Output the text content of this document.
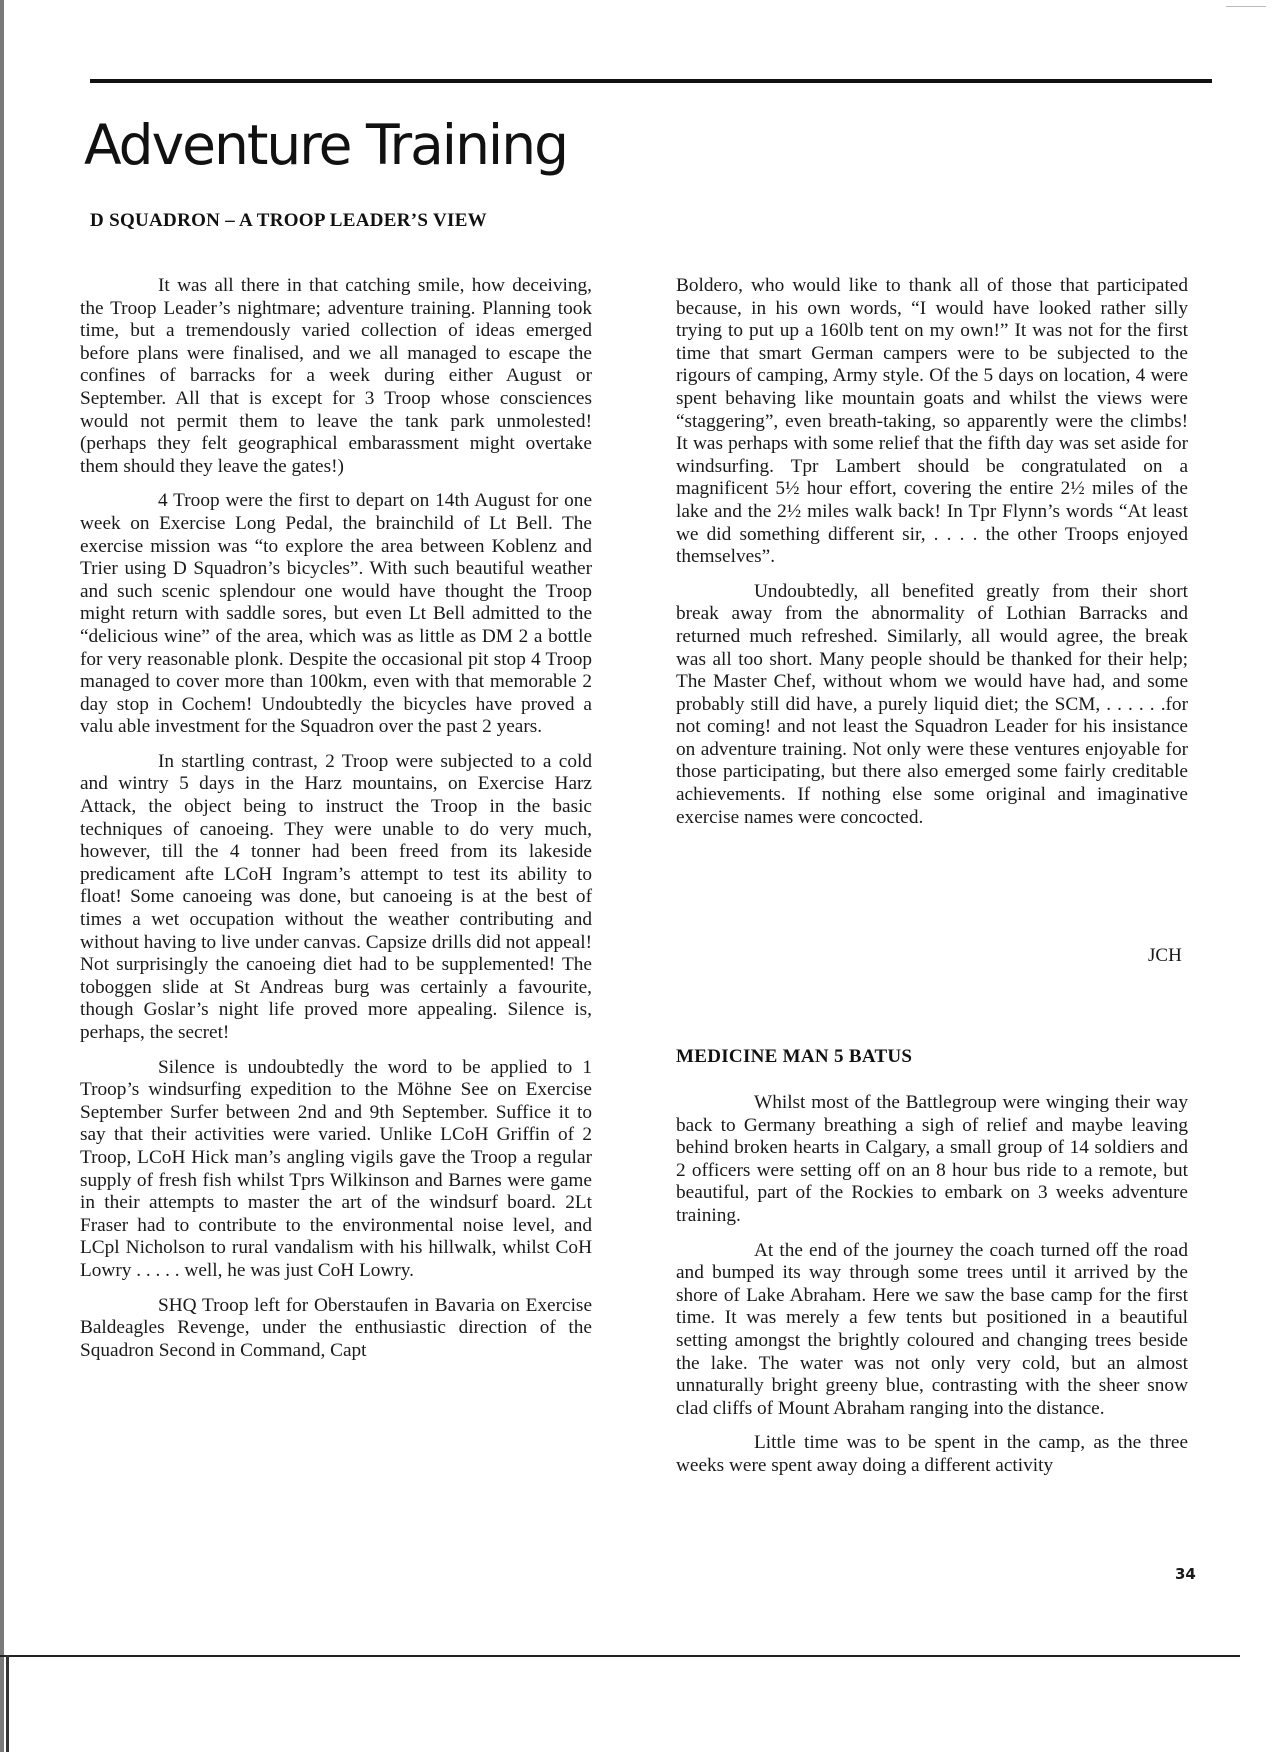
Adventure Training
D SQUADRON – A TROOP LEADER’S VIEW

It was all there in that catching smile, how deceiving, the Troop Leader’s nightmare; adventure training. Planning took time, but a tremendously varied collection of ideas emerged before plans were finalised, and we all managed to escape the confines of barracks for a week during either August or September. All that is except for 3 Troop whose consciences would not permit them to leave the tank park unmolested! (perhaps they felt geographical embarassment might overtake them should they leave the gates!)

4 Troop were the first to depart on 14th August for one week on Exercise Long Pedal, the brainchild of Lt Bell. The exercise mission was “to explore the area between Koblenz and Trier using D Squadron’s bicycles”. With such beautiful weather and such scenic splendour one would have thought the Troop might return with saddle sores, but even Lt Bell admitted to the “delicious wine” of the area, which was as little as DM 2 a bottle for very reasonable plonk. Despite the occasional pit stop 4 Troop managed to cover more than 100km, even with that memorable 2 day stop in Cochem! Undoubtedly the bicycles have proved a valu able investment for the Squadron over the past 2 years.

In startling contrast, 2 Troop were subjected to a cold and wintry 5 days in the Harz mountains, on Exercise Harz Attack, the object being to instruct the Troop in the basic techniques of canoeing. They were unable to do very much, however, till the 4 tonner had been freed from its lakeside predicament afte LCoH Ingram’s attempt to test its ability to float! Some canoeing was done, but canoeing is at the best of times a wet occupation without the weather contributing and without having to live under canvas. Capsize drills did not appeal! Not surprisingly the canoeing diet had to be supplemented! The toboggen slide at St Andreas burg was certainly a favourite, though Goslar’s night life proved more appealing. Silence is, perhaps, the secret!

Silence is undoubtedly the word to be applied to 1 Troop’s windsurfing expedition to the Möhne See on Exercise September Surfer between 2nd and 9th September. Suffice it to say that their activities were varied. Unlike LCoH Griffin of 2 Troop, LCoH Hick man’s angling vigils gave the Troop a regular supply of fresh fish whilst Tprs Wilkinson and Barnes were game in their attempts to master the art of the windsurf board. 2Lt Fraser had to contribute to the environmental noise level, and LCpl Nicholson to rural vandalism with his hillwalk, whilst CoH Lowry . . . . . well, he was just CoH Lowry.

SHQ Troop left for Oberstaufen in Bavaria on Exercise Baldeagles Revenge, under the enthusiastic direction of the Squadron Second in Command, Capt

Boldero, who would like to thank all of those that participated because, in his own words, “I would have looked rather silly trying to put up a 160lb tent on my own!” It was not for the first time that smart German campers were to be subjected to the rigours of camping, Army style. Of the 5 days on location, 4 were spent behaving like mountain goats and whilst the views were “staggering”, even breath-taking, so apparently were the climbs! It was perhaps with some relief that the fifth day was set aside for windsurfing. Tpr Lambert should be congratulated on a magnificent 5½ hour effort, covering the entire 2½ miles of the lake and the 2½ miles walk back! In Tpr Flynn’s words “At least we did something different sir, . . . . the other Troops enjoyed themselves”.

Undoubtedly, all benefited greatly from their short break away from the abnormality of Lothian Barracks and returned much refreshed. Similarly, all would agree, the break was all too short. Many people should be thanked for their help; The Master Chef, without whom we would have had, and some probably still did have, a purely liquid diet; the SCM, . . . . . .for not coming! and not least the Squadron Leader for his insistance on adventure training. Not only were these ventures enjoyable for those participating, but there also emerged some fairly creditable achievements. If nothing else some original and imaginative exercise names were concocted.

JCH
MEDICINE MAN 5 BATUS

Whilst most of the Battlegroup were winging their way back to Germany breathing a sigh of relief and maybe leaving behind broken hearts in Calgary, a small group of 14 soldiers and 2 officers were setting off on an 8 hour bus ride to a remote, but beautiful, part of the Rockies to embark on 3 weeks adventure training.

At the end of the journey the coach turned off the road and bumped its way through some trees until it arrived by the shore of Lake Abraham. Here we saw the base camp for the first time. It was merely a few tents but positioned in a beautiful setting amongst the brightly coloured and changing trees beside the lake. The water was not only very cold, but an almost unnaturally bright greeny blue, contrasting with the sheer snow clad cliffs of Mount Abraham ranging into the distance.

Little time was to be spent in the camp, as the three weeks were spent away doing a different activity

34
